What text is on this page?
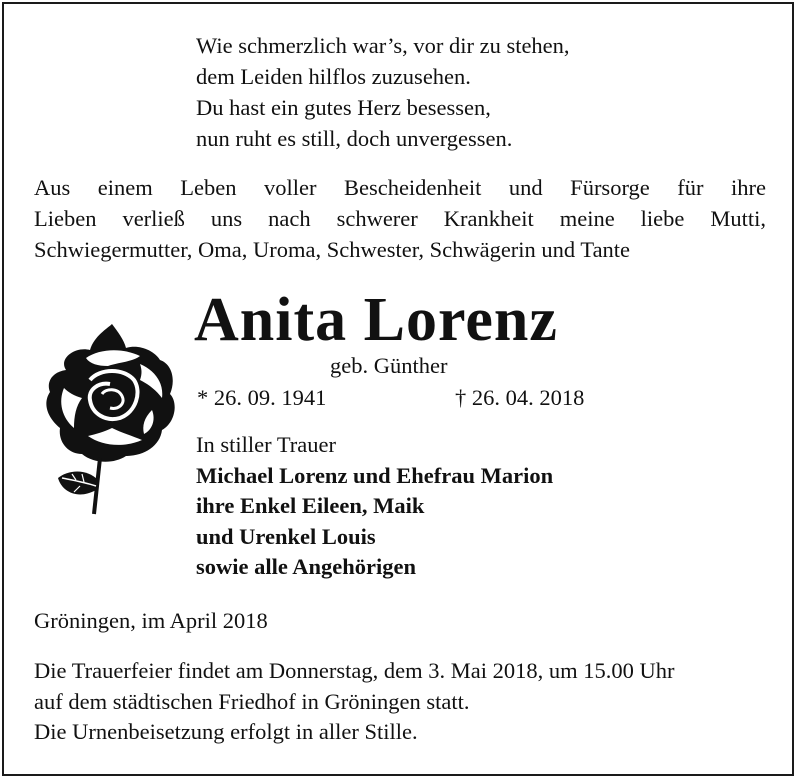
Wie schmerzlich war’s, vor dir zu stehen,
dem Leiden hilflos zuzusehen.
Du hast ein gutes Herz besessen,
nun ruht es still, doch unvergessen.
Aus einem Leben voller Bescheidenheit und Fürsorge für ihre
Lieben verließ uns nach schwerer Krankheit meine liebe Mutti,
Schwiegermutter, Oma, Uroma, Schwester, Schwägerin und Tante
Anita Lorenz
geb. Günther
* 26. 09. 1941	† 26. 04. 2018
In stiller Trauer
Michael Lorenz und Ehefrau Marion
ihre Enkel Eileen, Maik
und Urenkel Louis
sowie alle Angehörigen
Gröningen, im April 2018
Die Trauerfeier findet am Donnerstag, dem 3. Mai 2018, um 15.00 Uhr
auf dem städtischen Friedhof in Gröningen statt.
Die Urnenbeisetzung erfolgt in aller Stille.
